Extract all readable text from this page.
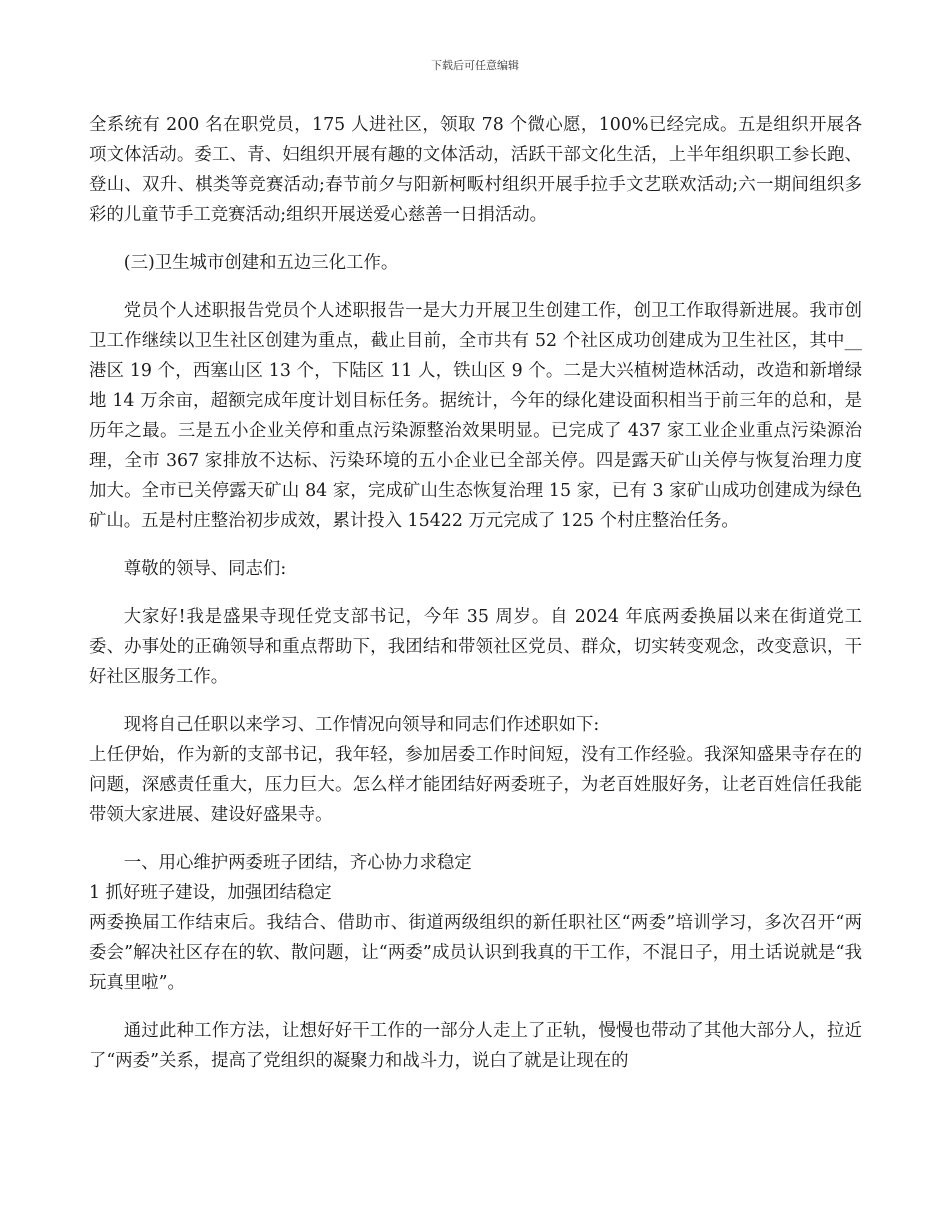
下载后可任意编辑

全系统有 200 名在职党员，175 人进社区，领取 78 个微心愿，100%已经完成。五是组织开展各项文体活动。委工、青、妇组织开展有趣的文体活动，活跃干部文化生活，上半年组织职工参长跑、登山、双升、棋类等竞赛活动;春节前夕与阳新柯畈村组织开展手拉手文艺联欢活动;六一期间组织多彩的儿童节手工竞赛活动;组织开展送爱心慈善一日捐活动。

(三)卫生城市创建和五边三化工作。

党员个人述职报告党员个人述职报告一是大力开展卫生创建工作，创卫工作取得新进展。我市创卫工作继续以卫生社区创建为重点，截止目前，全市共有 52 个社区成功创建成为卫生社区，其中__港区 19 个，西塞山区 13 个，下陆区 11 人，铁山区 9 个。二是大兴植树造林活动，改造和新增绿地 14 万余亩，超额完成年度计划目标任务。据统计，今年的绿化建设面积相当于前三年的总和，是历年之最。三是五小企业关停和重点污染源整治效果明显。已完成了 437 家工业企业重点污染源治理，全市 367 家排放不达标、污染环境的五小企业已全部关停。四是露天矿山关停与恢复治理力度加大。全市已关停露天矿山 84 家，完成矿山生态恢复治理 15 家，已有 3 家矿山成功创建成为绿色矿山。五是村庄整治初步成效，累计投入 15422 万元完成了 125 个村庄整治任务。

尊敬的领导、同志们:

大家好!我是盛果寺现任党支部书记，今年 35 周岁。自 2024 年底两委换届以来在街道党工委、办事处的正确领导和重点帮助下，我团结和带领社区党员、群众，切实转变观念，改变意识，干好社区服务工作。

现将自己任职以来学习、工作情况向领导和同志们作述职如下:

上任伊始，作为新的支部书记，我年轻，参加居委工作时间短，没有工作经验。我深知盛果寺存在的问题，深感责任重大，压力巨大。怎么样才能团结好两委班子，为老百姓服好务，让老百姓信任我能带领大家进展、建设好盛果寺。

一、用心维护两委班子团结，齐心协力求稳定

1 抓好班子建设，加强团结稳定

两委换届工作结束后。我结合、借助市、街道两级组织的新任职社区“两委”培训学习，多次召开“两委会”解决社区存在的软、散问题，让“两委”成员认识到我真的干工作，不混日子，用土话说就是“我玩真里啦”。

通过此种工作方法，让想好好干工作的一部分人走上了正轨，慢慢也带动了其他大部分人，拉近了“两委”关系，提高了党组织的凝聚力和战斗力，说白了就是让现在的
